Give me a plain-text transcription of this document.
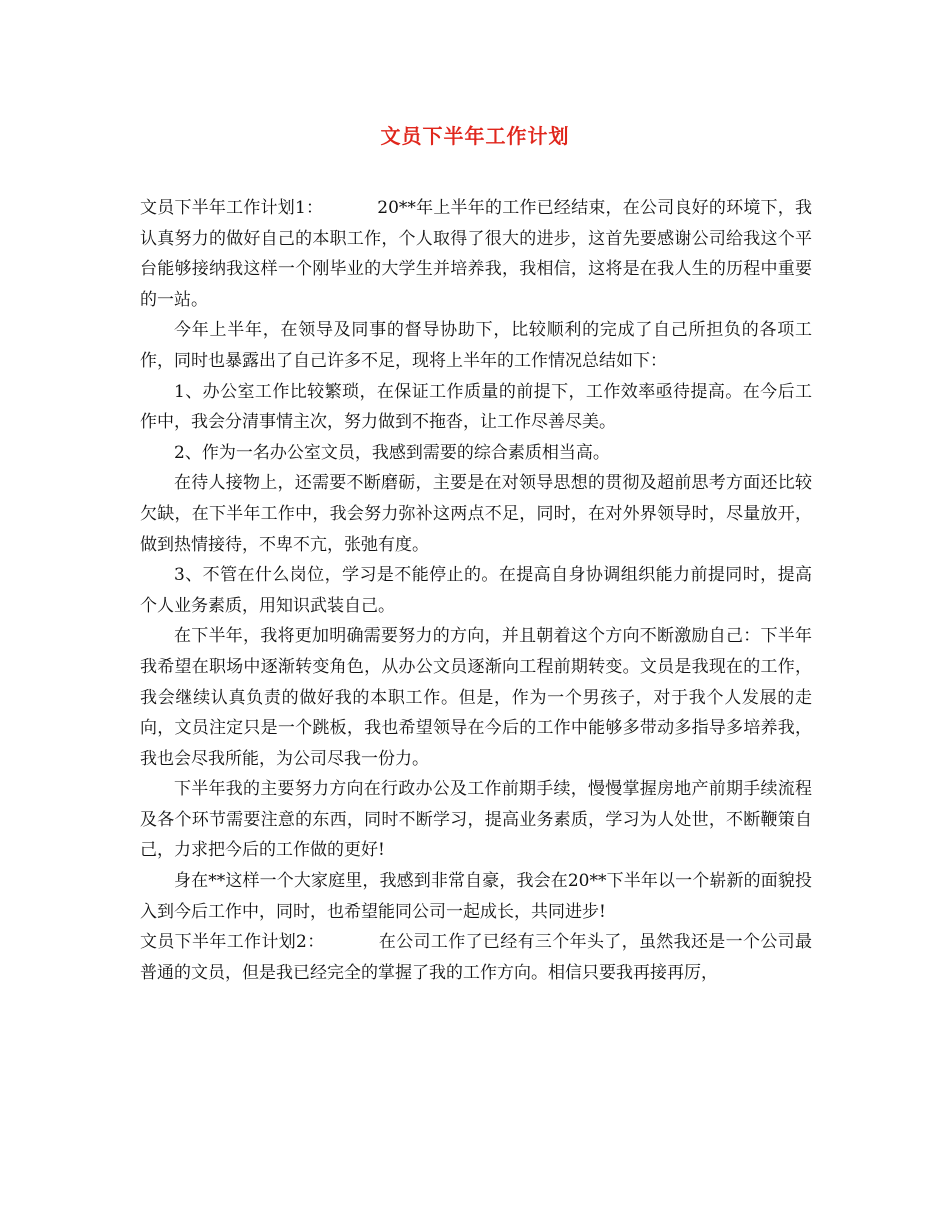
文员下半年工作计划

文员下半年工作计划1：	20**年上半年的工作已经结束，在公司良好的环境下，我认真努力的做好自己的本职工作，个人取得了很大的进步，这首先要感谢公司给我这个平台能够接纳我这样一个刚毕业的大学生并培养我，我相信，这将是在我人生的历程中重要的一站。

今年上半年，在领导及同事的督导协助下，比较顺利的完成了自己所担负的各项工作，同时也暴露出了自己许多不足，现将上半年的工作情况总结如下：

1、办公室工作比较繁琐，在保证工作质量的前提下，工作效率亟待提高。在今后工作中，我会分清事情主次，努力做到不拖沓，让工作尽善尽美。

2、作为一名办公室文员，我感到需要的综合素质相当高。

在待人接物上，还需要不断磨砺，主要是在对领导思想的贯彻及超前思考方面还比较欠缺，在下半年工作中，我会努力弥补这两点不足，同时，在对外界领导时，尽量放开，做到热情接待，不卑不亢，张弛有度。

3、不管在什么岗位，学习是不能停止的。在提高自身协调组织能力前提同时，提高个人业务素质，用知识武装自己。

在下半年，我将更加明确需要努力的方向，并且朝着这个方向不断激励自己：下半年我希望在职场中逐渐转变角色，从办公文员逐渐向工程前期转变。文员是我现在的工作，我会继续认真负责的做好我的本职工作。但是，作为一个男孩子，对于我个人发展的走向，文员注定只是一个跳板，我也希望领导在今后的工作中能够多带动多指导多培养我，我也会尽我所能，为公司尽我一份力。

下半年我的主要努力方向在行政办公及工作前期手续，慢慢掌握房地产前期手续流程及各个环节需要注意的东西，同时不断学习，提高业务素质，学习为人处世，不断鞭策自己，力求把今后的工作做的更好!

身在**这样一个大家庭里，我感到非常自豪，我会在20**下半年以一个崭新的面貌投入到今后工作中，同时，也希望能同公司一起成长，共同进步!

文员下半年工作计划2：	在公司工作了已经有三个年头了，虽然我还是一个公司最普通的文员，但是我已经完全的掌握了我的工作方向。相信只要我再接再厉，
